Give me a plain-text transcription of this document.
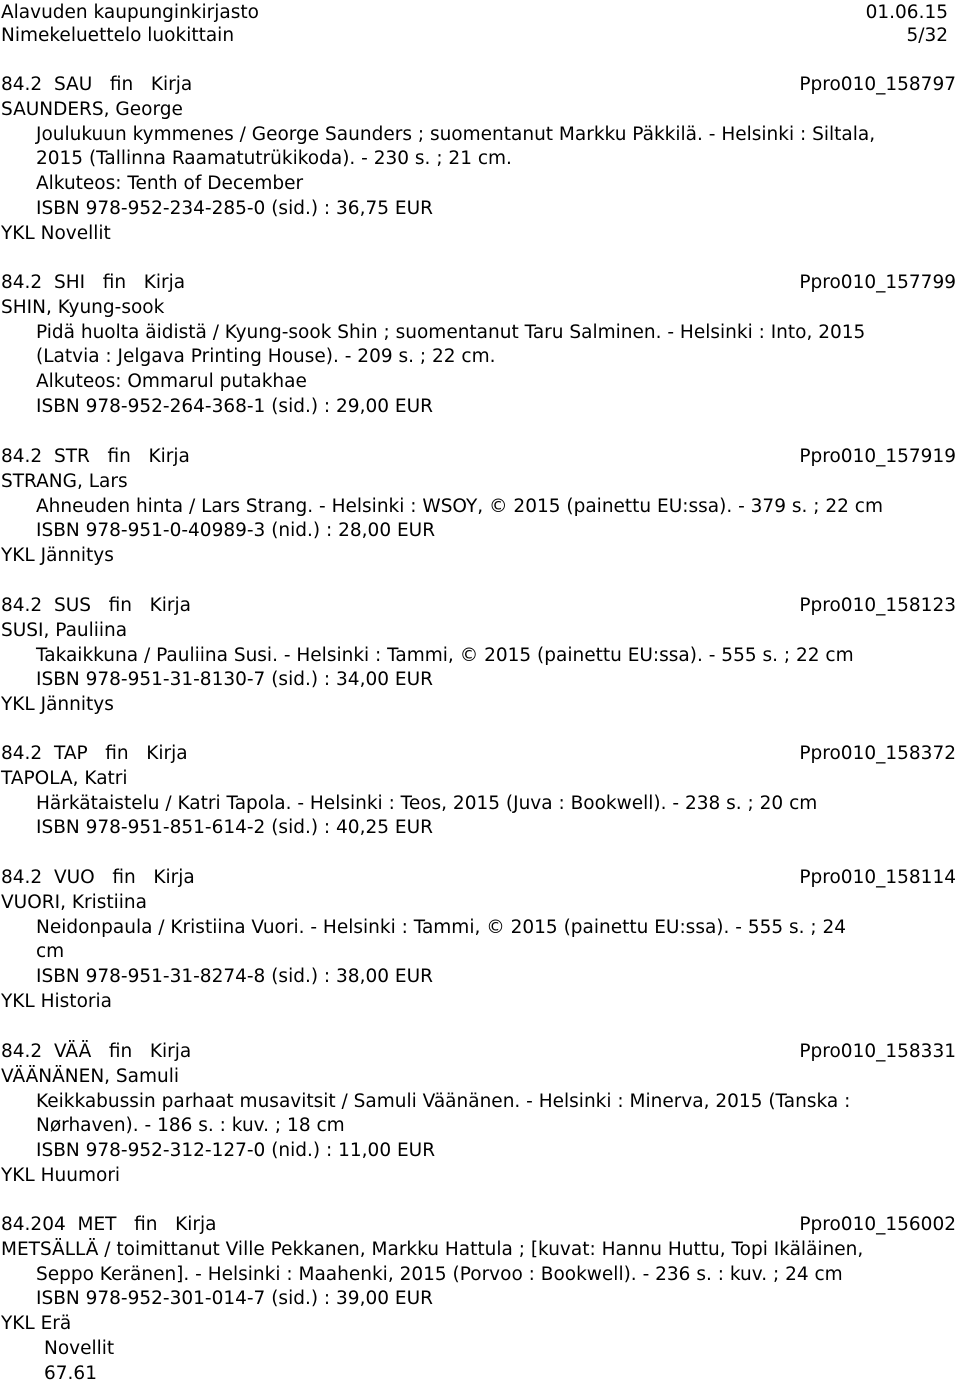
Alavuden kaupunginkirjasto	01.06.15
Nimekeluettelo luokittain	5/32
84.2  SAU   fin   Kirja	Ppro010_158797
SAUNDERS, George
Joulukuun kymmenes / George Saunders ; suomentanut Markku Päkkilä. - Helsinki : Siltala,
2015 (Tallinna Raamatutrükikoda). - 230 s. ; 21 cm.
Alkuteos: Tenth of December
ISBN 978-952-234-285-0 (sid.) : 36,75 EUR
YKL Novellit
84.2  SHI   fin   Kirja	Ppro010_157799
SHIN, Kyung-sook
Pidä huolta äidistä / Kyung-sook Shin ; suomentanut Taru Salminen. - Helsinki : Into, 2015
(Latvia : Jelgava Printing House). - 209 s. ; 22 cm.
Alkuteos: Ommarul putakhae
ISBN 978-952-264-368-1 (sid.) : 29,00 EUR
84.2  STR   fin   Kirja	Ppro010_157919
STRANG, Lars
Ahneuden hinta / Lars Strang. - Helsinki : WSOY, © 2015 (painettu EU:ssa). - 379 s. ; 22 cm
ISBN 978-951-0-40989-3 (nid.) : 28,00 EUR
YKL Jännitys
84.2  SUS   fin   Kirja	Ppro010_158123
SUSI, Pauliina
Takaikkuna / Pauliina Susi. - Helsinki : Tammi, © 2015 (painettu EU:ssa). - 555 s. ; 22 cm
ISBN 978-951-31-8130-7 (sid.) : 34,00 EUR
YKL Jännitys
84.2  TAP   fin   Kirja	Ppro010_158372
TAPOLA, Katri
Härkätaistelu / Katri Tapola. - Helsinki : Teos, 2015 (Juva : Bookwell). - 238 s. ; 20 cm
ISBN 978-951-851-614-2 (sid.) : 40,25 EUR
84.2  VUO   fin   Kirja	Ppro010_158114
VUORI, Kristiina
Neidonpaula / Kristiina Vuori. - Helsinki : Tammi, © 2015 (painettu EU:ssa). - 555 s. ; 24
cm
ISBN 978-951-31-8274-8 (sid.) : 38,00 EUR
YKL Historia
84.2  VÄÄ   fin   Kirja	Ppro010_158331
VÄÄNÄNEN, Samuli
Keikkabussin parhaat musavitsit / Samuli Väänänen. - Helsinki : Minerva, 2015 (Tanska :
Nørhaven). - 186 s. : kuv. ; 18 cm
ISBN 978-952-312-127-0 (nid.) : 11,00 EUR
YKL Huumori
84.204  MET   fin   Kirja	Ppro010_156002
METSÄLLÄ / toimittanut Ville Pekkanen, Markku Hattula ; [kuvat: Hannu Huttu, Topi Ikäläinen,
Seppo Keränen]. - Helsinki : Maahenki, 2015 (Porvoo : Bookwell). - 236 s. : kuv. ; 24 cm
ISBN 978-952-301-014-7 (sid.) : 39,00 EUR
YKL Erä
Novellit
67.61
